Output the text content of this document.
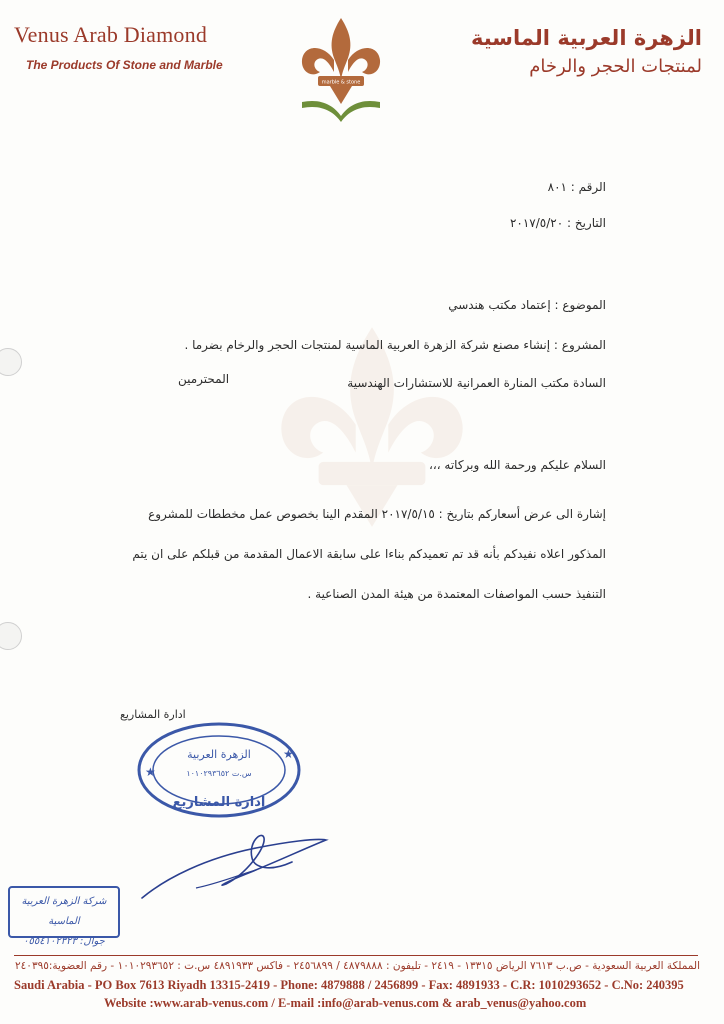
Venus Arab Diamond
The Products Of Stone and Marble
marble & stone
الزهرة العربية الماسية
لمنتجات الحجر والرخام
الرقم : ٨٠١
التاريخ : ٢٠١٧/٥/٢٠
الموضوع : إعتماد مكتب هندسي
المشروع : إنشاء مصنع شركة الزهرة العربية الماسية لمنتجات الحجر والرخام بضرما .
السادة مكتب المنارة العمرانية للاستشارات الهندسية
المحترمين
السلام عليكم ورحمة الله وبركاته ،،،
إشارة الى عرض أسعاركم بتاريخ : ٢٠١٧/٥/١٥ المقدم الينا بخصوص عمل مخططات للمشروع المذكور اعلاه نفيدكم بأنه قد تم تعميدكم بناءا على سابقة الاعمال المقدمة من قبلكم على ان يتم التنفيذ حسب المواصفات المعتمدة من هيئة المدن الصناعية .
ادارة المشاريع
★
★
الزهرة العربية
س.ت ١٠١٠٢٩٣٦٥٢
إدارة المشاريع
شركة الزهرة العربية الماسية
جوال: ٠٥٥٤١٠٢٣٢٣
المملكة العربية السعودية - ص.ب ٧٦١٣ الرياض ١٣٣١٥ - ٢٤١٩ - تليفون : ٤٨٧٩٨٨٨ / ٢٤٥٦٨٩٩ - فاكس ٤٨٩١٩٣٣ س.ت : ١٠١٠٢٩٣٦٥٢ - رقم العضوية:٢٤٠٣٩٥
Saudi Arabia - PO Box 7613 Riyadh 13315-2419 - Phone: 4879888 / 2456899 - Fax: 4891933 - C.R: 1010293652 - C.No: 240395
Website :www.arab-venus.com / E-mail :info@arab-venus.com & arab_venus@yahoo.com
